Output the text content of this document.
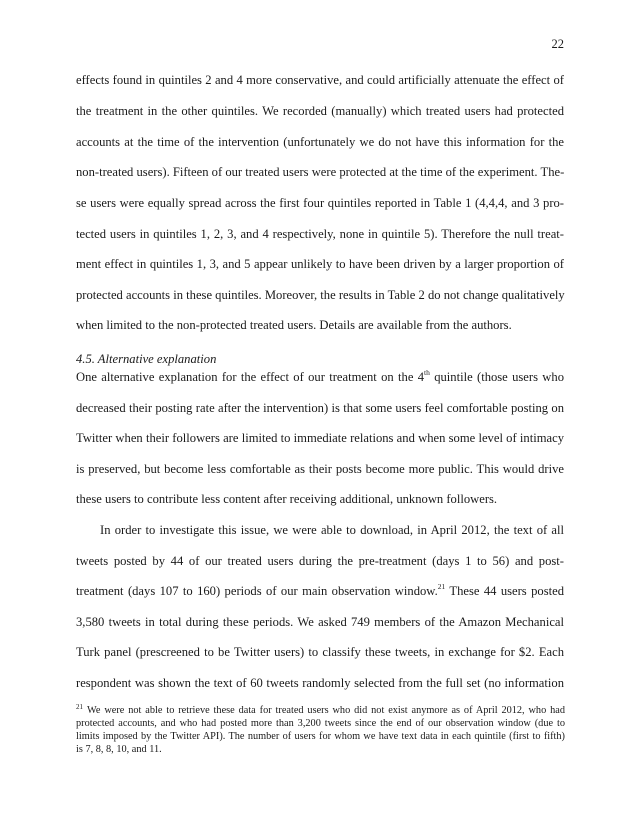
22
effects found in quintiles 2 and 4 more conservative, and could artificially attenuate the effect of
the treatment in the other quintiles. We recorded (manually) which treated users had protected
accounts at the time of the intervention (unfortunately we do not have this information for the
non-treated users). Fifteen of our treated users were protected at the time of the experiment. The-
se users were equally spread across the first four quintiles reported in Table 1 (4,4,4, and 3 pro-
tected users in quintiles 1, 2, 3, and 4 respectively, none in quintile 5). Therefore the null treat-
ment effect in quintiles 1, 3, and 5 appear unlikely to have been driven by a larger proportion of
protected accounts in these quintiles. Moreover, the results in Table 2 do not change qualitatively
when limited to the non-protected treated users. Details are available from the authors.
4.5. Alternative explanation
One alternative explanation for the effect of our treatment on the 4th quintile (those users who
decreased their posting rate after the intervention) is that some users feel comfortable posting on
Twitter when their followers are limited to immediate relations and when some level of intimacy
is preserved, but become less comfortable as their posts become more public. This would drive
these users to contribute less content after receiving additional, unknown followers.
In order to investigate this issue, we were able to download, in April 2012, the text of all
tweets posted by 44 of our treated users during the pre-treatment (days 1 to 56) and post-
treatment (days 107 to 160) periods of our main observation window.$^{21}$ These 44 users posted
3,580 tweets in total during these periods. We asked 749 members of the Amazon Mechanical
Turk panel (prescreened to be Twitter users) to classify these tweets, in exchange for $2. Each
respondent was shown the text of 60 tweets randomly selected from the full set (no information
$^{21}$ We were not able to retrieve these data for treated users who did not exist anymore as of April 2012, who had
protected accounts, and who had posted more than 3,200 tweets since the end of our observation window (due to
limits imposed by the Twitter API). The number of users for whom we have text data in each quintile (first to fifth)
is 7, 8, 8, 10, and 11.
